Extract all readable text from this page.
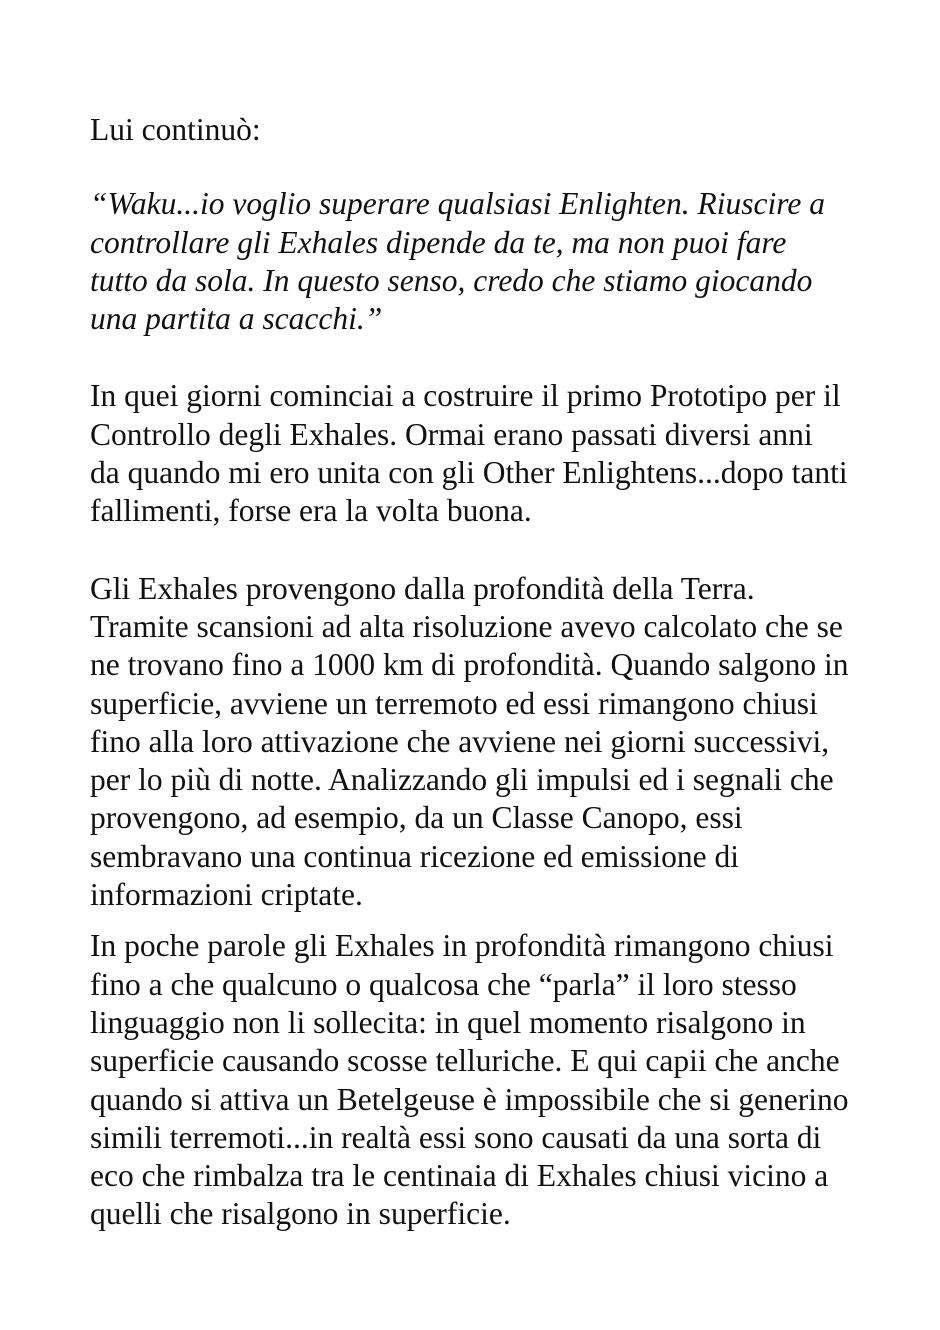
Lui continuò:

“Waku...io voglio superare qualsiasi Enlighten. Riuscire a
controllare gli Exhales dipende da te, ma non puoi fare
tutto da sola. In questo senso, credo che stiamo giocando
una partita a scacchi.”

In quei giorni cominciai a costruire il primo Prototipo per il
Controllo degli Exhales. Ormai erano passati diversi anni
da quando mi ero unita con gli Other Enlightens...dopo tanti
fallimenti, forse era la volta buona.

Gli Exhales provengono dalla profondità della Terra.
Tramite scansioni ad alta risoluzione avevo calcolato che se
ne trovano fino a 1000 km di profondità. Quando salgono in
superficie, avviene un terremoto ed essi rimangono chiusi
fino alla loro attivazione che avviene nei giorni successivi,
per lo più di notte. Analizzando gli impulsi ed i segnali che
provengono, ad esempio, da un Classe Canopo, essi
sembravano una continua ricezione ed emissione di
informazioni criptate.

In poche parole gli Exhales in profondità rimangono chiusi
fino a che qualcuno o qualcosa che “parla” il loro stesso
linguaggio non li sollecita: in quel momento risalgono in
superficie causando scosse telluriche. E qui capii che anche
quando si attiva un Betelgeuse è impossibile che si generino
simili terremoti...in realtà essi sono causati da una sorta di
eco che rimbalza tra le centinaia di Exhales chiusi vicino a
quelli che risalgono in superficie.
